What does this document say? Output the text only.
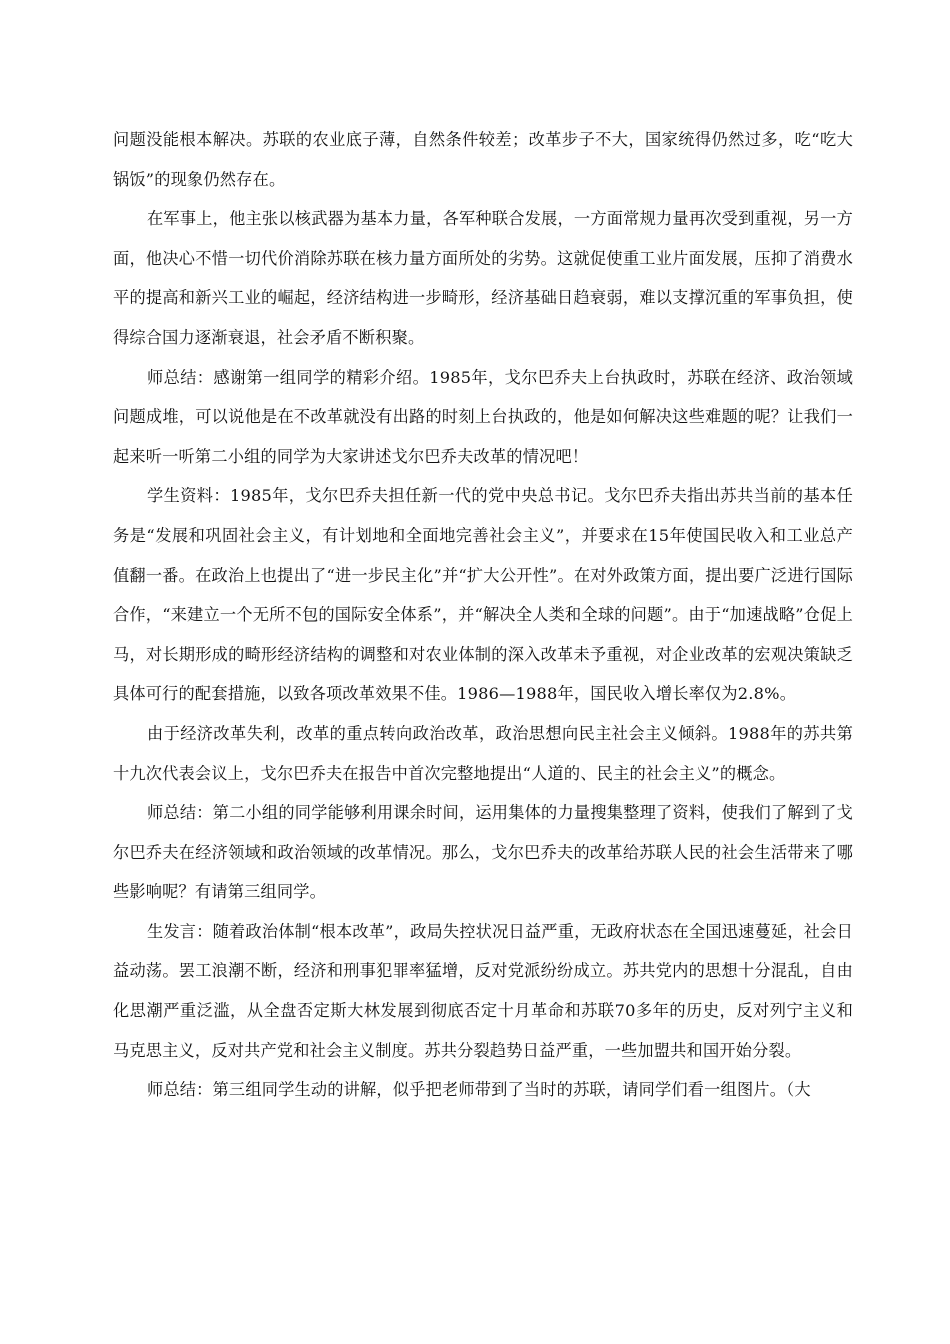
问题没能根本解决。苏联的农业底子薄，自然条件较差；改革步子不大，国家统得仍然过多，吃“吃大锅饭”的现象仍然存在。

在军事上，他主张以核武器为基本力量，各军种联合发展，一方面常规力量再次受到重视，另一方面，他决心不惜一切代价消除苏联在核力量方面所处的劣势。这就促使重工业片面发展，压抑了消费水平的提高和新兴工业的崛起，经济结构进一步畸形，经济基础日趋衰弱，难以支撑沉重的军事负担，使得综合国力逐渐衰退，社会矛盾不断积聚。

师总结：感谢第一组同学的精彩介绍。1985年，戈尔巴乔夫上台执政时，苏联在经济、政治领域问题成堆，可以说他是在不改革就没有出路的时刻上台执政的，他是如何解决这些难题的呢？让我们一起来听一听第二小组的同学为大家讲述戈尔巴乔夫改革的情况吧！

学生资料：1985年，戈尔巴乔夫担任新一代的党中央总书记。戈尔巴乔夫指出苏共当前的基本任务是“发展和巩固社会主义，有计划地和全面地完善社会主义”，并要求在15年使国民收入和工业总产值翻一番。在政治上也提出了“进一步民主化”并“扩大公开性”。在对外政策方面，提出要广泛进行国际合作，“来建立一个无所不包的国际安全体系”，并“解决全人类和全球的问题”。由于“加速战略”仓促上马，对长期形成的畸形经济结构的调整和对农业体制的深入改革未予重视，对企业改革的宏观决策缺乏具体可行的配套措施，以致各项改革效果不佳。1986—1988年，国民收入增长率仅为2.8%。

由于经济改革失利，改革的重点转向政治改革，政治思想向民主社会主义倾斜。1988年的苏共第十九次代表会议上，戈尔巴乔夫在报告中首次完整地提出“人道的、民主的社会主义”的概念。

师总结：第二小组的同学能够利用课余时间，运用集体的力量搜集整理了资料，使我们了解到了戈尔巴乔夫在经济领域和政治领域的改革情况。那么，戈尔巴乔夫的改革给苏联人民的社会生活带来了哪些影响呢？有请第三组同学。

生发言：随着政治体制“根本改革”，政局失控状况日益严重，无政府状态在全国迅速蔓延，社会日益动荡。罢工浪潮不断，经济和刑事犯罪率猛增，反对党派纷纷成立。苏共党内的思想十分混乱，自由化思潮严重泛滥，从全盘否定斯大林发展到彻底否定十月革命和苏联70多年的历史，反对列宁主义和马克思主义，反对共产党和社会主义制度。苏共分裂趋势日益严重，一些加盟共和国开始分裂。

师总结：第三组同学生动的讲解，似乎把老师带到了当时的苏联，请同学们看一组图片。（大
